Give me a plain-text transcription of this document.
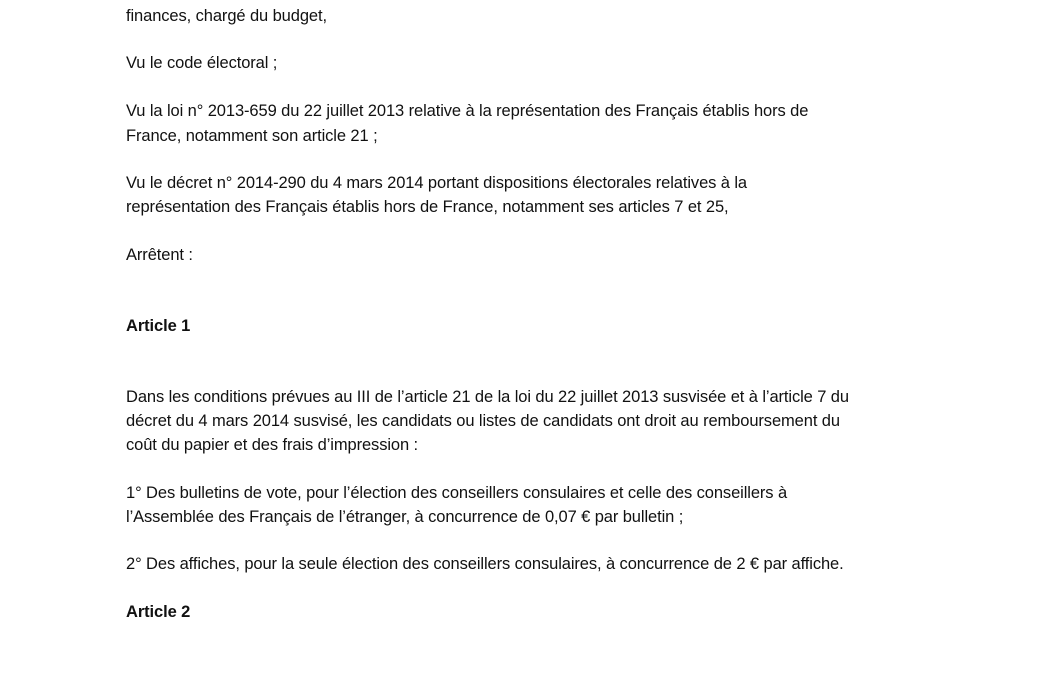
finances, chargé du budget,
Vu le code électoral ;
Vu la loi n° 2013-659 du 22 juillet 2013 relative à la représentation des Français établis hors de
France, notamment son article 21 ;
Vu le décret n° 2014-290 du 4 mars 2014 portant dispositions électorales relatives à la
représentation des Français établis hors de France, notamment ses articles 7 et 25,
Arrêtent :
Article 1
Dans les conditions prévues au III de l’article 21 de la loi du 22 juillet 2013 susvisée et à l’article 7 du
décret du 4 mars 2014 susvisé, les candidats ou listes de candidats ont droit au remboursement du
coût du papier et des frais d’impression :
1° Des bulletins de vote, pour l’élection des conseillers consulaires et celle des conseillers à
l’Assemblée des Français de l’étranger, à concurrence de 0,07 € par bulletin ;
2° Des affiches, pour la seule élection des conseillers consulaires, à concurrence de 2 € par affiche.
Article 2
